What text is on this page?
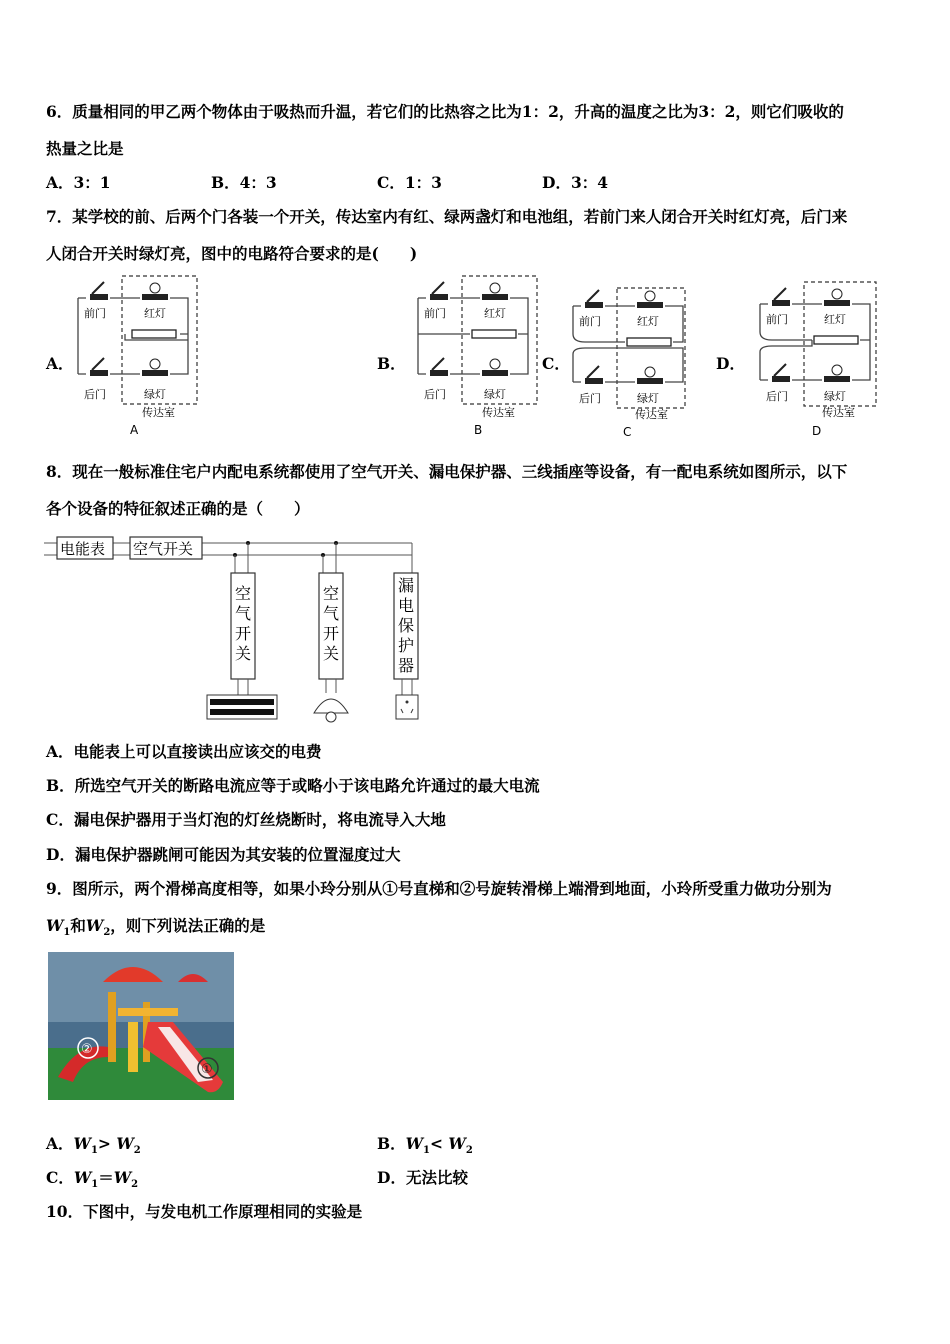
6．质量相同的甲乙两个物体由于吸热而升温，若它们的比热容之比为1：2，升高的温度之比为3：2，则它们吸收的
热量之比是
A．3：1	B．4：3	C．1：3	D．3：4
7．某学校的前、后两个门各装一个开关，传达室内有红、绿两盏灯和电池组，若前门来人闭合开关时红灯亮，后门来
人闭合开关时绿灯亮，图中的电路符合要求的是(　　)
A．	B．	C．	D．
前门	红灯
后门	绿灯
传达室
A
前门	红灯
后门	绿灯
传达室
B
前门	红灯
后门	绿灯
传达室
C
前门	红灯
后门	绿灯
传达室
D
8．现在一般标准住宅户内配电系统都使用了空气开关、漏电保护器、三线插座等设备，有一配电系统如图所示，以下
各个设备的特征叙述正确的是（　　）
电能表 空气开关
空
气
开
关
空
气
开
关
漏
电
保
护
器
A．电能表上可以直接读出应该交的电费
B．所选空气开关的断路电流应等于或略小于该电路允许通过的最大电流
C．漏电保护器用于当灯泡的灯丝烧断时，将电流导入大地
D．漏电保护器跳闸可能因为其安装的位置湿度过大
9．图所示，两个滑梯高度相等，如果小玲分别从①号直梯和②号旋转滑梯上端滑到地面，小玲所受重力做功分别为
$W_1$和$W_2$，则下列说法正确的是
②
①
A．$W_1> W_2$	B．$W_1< W_2$
C．$W_1=W_2$	D．无法比较
10．下图中，与发电机工作原理相同的实验是
